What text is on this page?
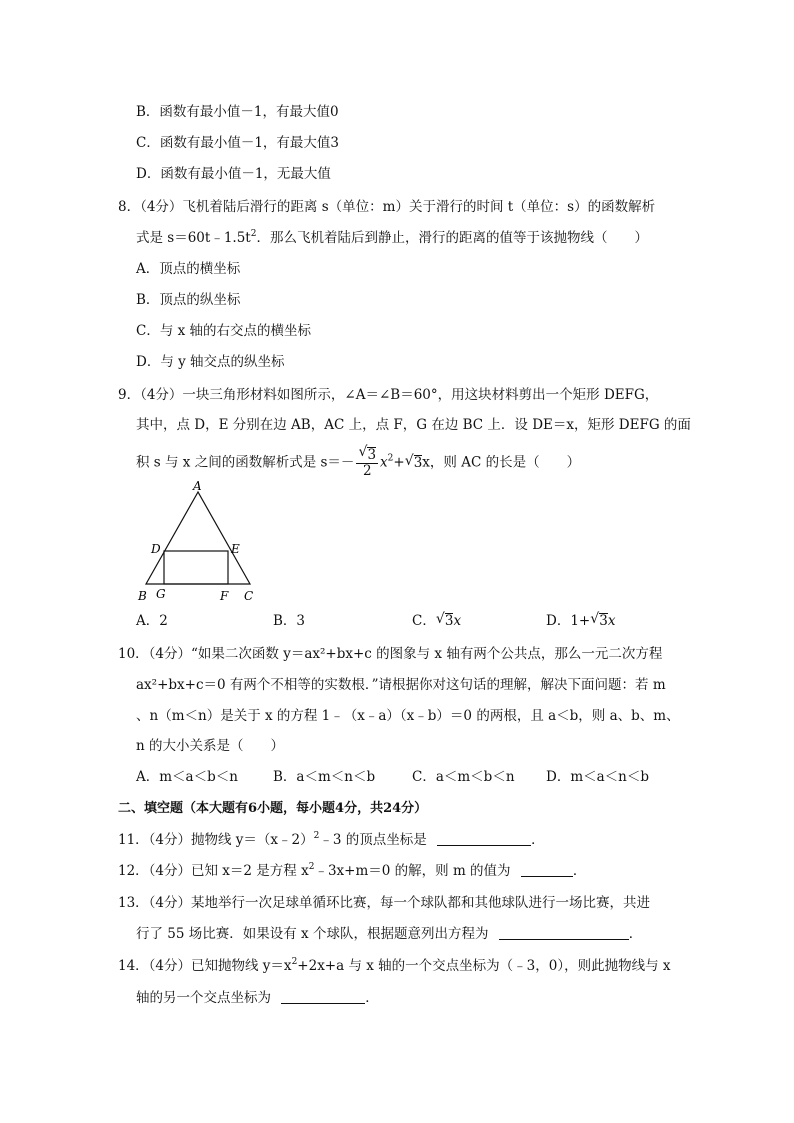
B．函数有最小值－1，有最大值0
C．函数有最小值－1，有最大值3
D．函数有最小值－1，无最大值
8．（4分）飞机着陆后滑行的距离 s（单位：m）关于滑行的时间 t（单位：s）的函数解析
式是 $s=60t﹣1.5t^2$．那么飞机着陆后到静止，滑行的距离的值等于该抛物线（　　）
A．顶点的横坐标
B．顶点的纵坐标
C．与 x 轴的右交点的横坐标
D．与 y 轴交点的纵坐标
9．（4分）一块三角形材料如图所示，∠A＝∠B＝60°，用这块材料剪出一个矩形 DEFG，
其中，点 D，E 分别在边 AB，AC 上，点 F，G 在边 BC 上．设 DE＝x，矩形 DEFG 的面
积 s 与 x 之间的函数解析式是 $s=- \frac{√ 3}{2} x^2+$ √ 3x，则 AC 的长是（　　）
A
D	E
B G	F C
A．2	B．3	C． √ 3x	D．1+ √ 3x
10．（4分）“如果二次函数 y＝ax²+bx+c 的图象与 x 轴有两个公共点，那么一元二次方程
ax²+bx+c＝0 有两个不相等的实数根．”请根据你对这句话的理解，解决下面问题：若 m
、n（m＜n）是关于 x 的方程 1﹣（x﹣a）（x﹣b）＝0 的两根，且 a＜b，则 a、b、m、
n 的大小关系是（　　）
A．m＜a＜b＜n	B．a＜m＜n＜b	C．a＜m＜b＜n D．m＜a＜n＜b
二、填空题（本大题有6小题，每小题4分，共24分）
11．（4分）抛物线 y＝（x﹣2）$^2$﹣3 的顶点坐标是	．
12．（4分）已知 x＝2 是方程 $x^2﹣3x+m=0$ 的解，则 m 的值为	．
13．（4分）某地举行一次足球单循环比赛，每一个球队都和其他球队进行一场比赛，共进
行了 55 场比赛．如果设有 x 个球队，根据题意列出方程为	．
14．（4分）已知抛物线 $y=x^2+2x+a$ 与 x 轴的一个交点坐标为（﹣3，0），则此抛物线与 x
轴的另一个交点坐标为	．
